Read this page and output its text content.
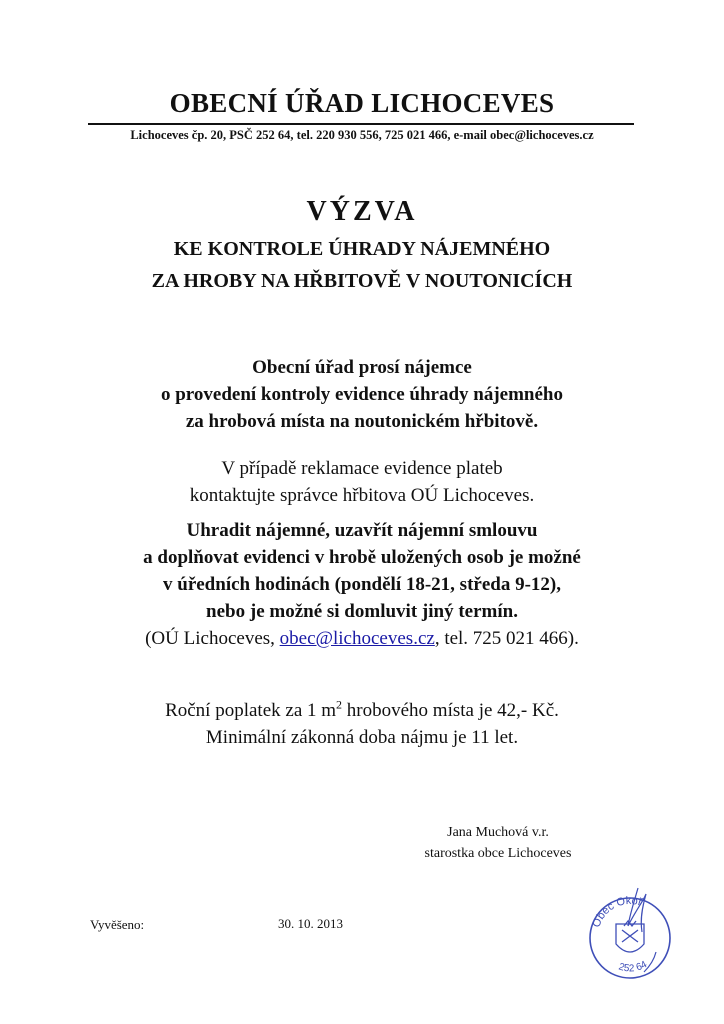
OBECNÍ ÚŘAD LICHOCEVES
Lichoceves čp. 20, PSČ 252 64, tel. 220 930 556, 725 021 466, e-mail obec@lichoceves.cz
VÝZVA
KE KONTROLE ÚHRADY NÁJEMNÉHO
ZA HROBY NA HŘBITOVĚ V NOUTONICÍCH
Obecní úřad prosí nájemce
o provedení kontroly evidence úhrady nájemného
za hrobová místa na noutonickém hřbitově.
V případě reklamace evidence plateb
kontaktujte správce hřbitova OÚ Lichoceves.
Uhradit nájemné, uzavřít nájemní smlouvu
a doplňovat evidenci v hrobě uložených osob je možné
v úředních hodinách (pondělí 18-21, středa 9-12),
nebo je možné si domluvit jiný termín.
(OÚ Lichoceves, obec@lichoceves.cz, tel. 725 021 466).
Roční poplatek za 1 $m^2$ hrobového místa je 42,- Kč.
Minimální zákonná doba nájmu je 11 let.
Jana Muchová v.r.
starostka obce Lichoceves
Vyvěšeno:	30. 10. 2013	Obec Okoř
252 64
